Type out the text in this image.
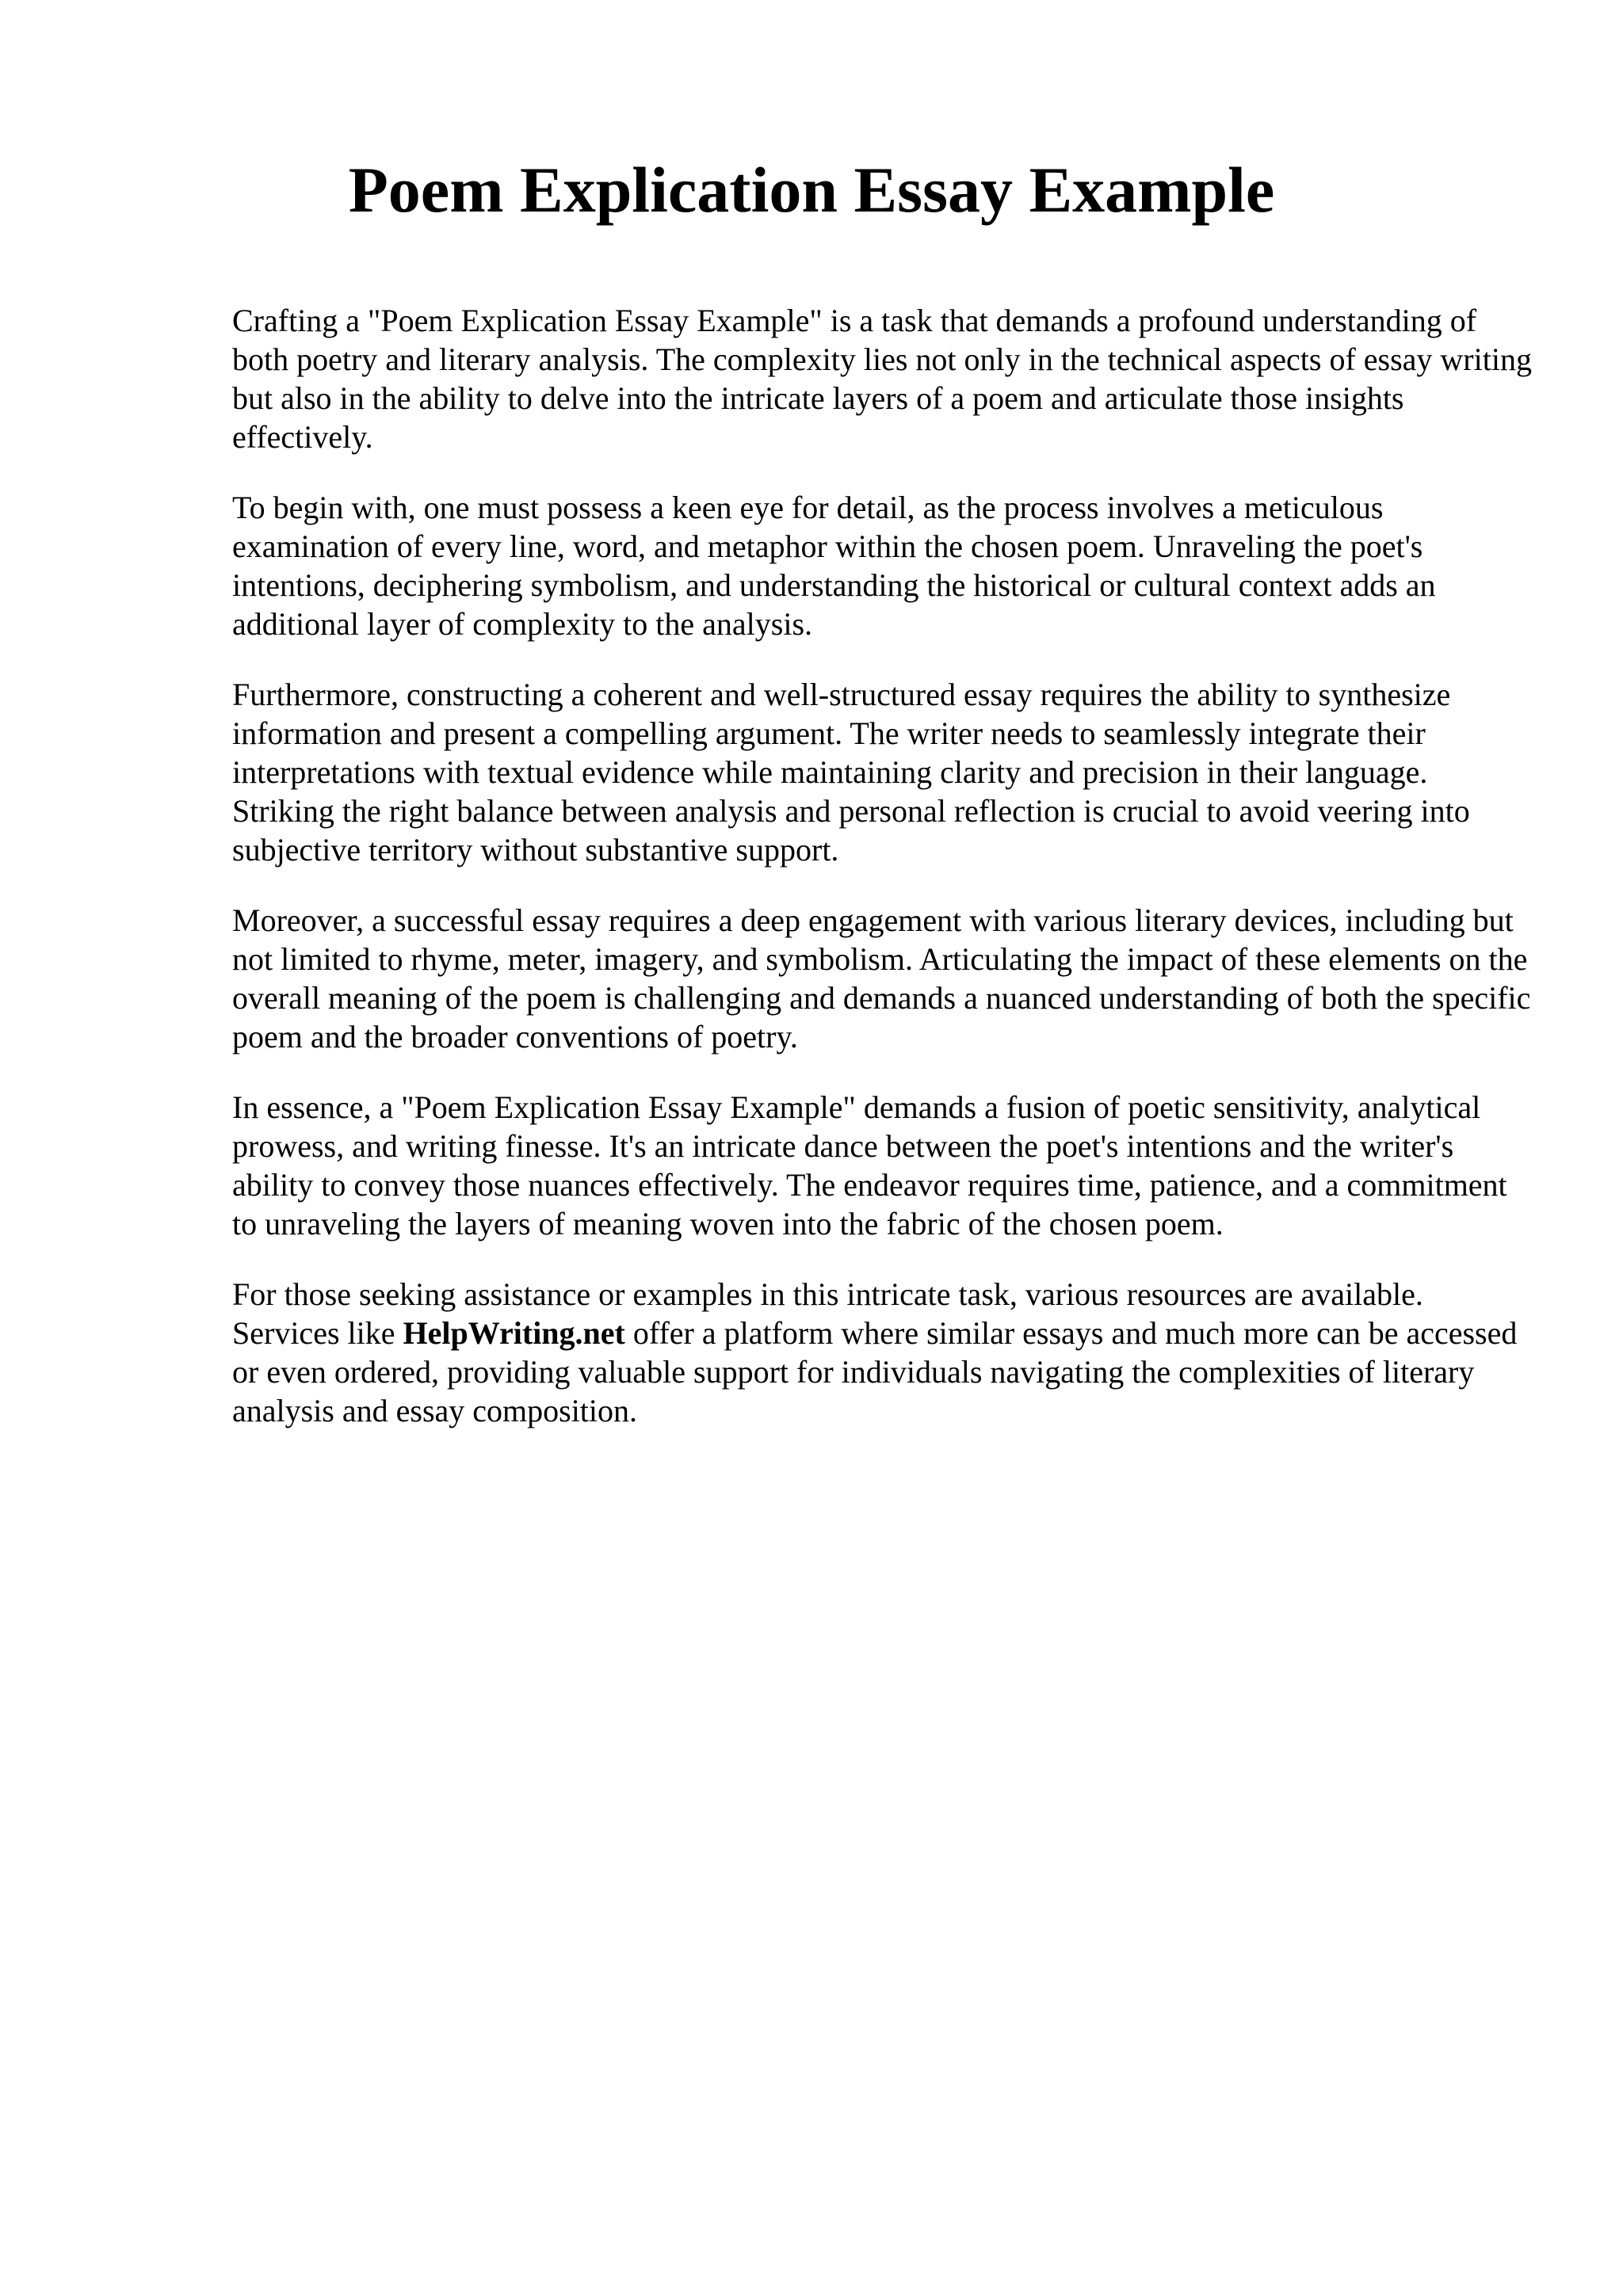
Poem Explication Essay Example

Crafting a "Poem Explication Essay Example" is a task that demands a profound understanding of both poetry and literary analysis. The complexity lies not only in the technical aspects of essay writing but also in the ability to delve into the intricate layers of a poem and articulate those insights effectively.

To begin with, one must possess a keen eye for detail, as the process involves a meticulous examination of every line, word, and metaphor within the chosen poem. Unraveling the poet's intentions, deciphering symbolism, and understanding the historical or cultural context adds an additional layer of complexity to the analysis.

Furthermore, constructing a coherent and well-structured essay requires the ability to synthesize information and present a compelling argument. The writer needs to seamlessly integrate their interpretations with textual evidence while maintaining clarity and precision in their language. Striking the right balance between analysis and personal reflection is crucial to avoid veering into subjective territory without substantive support.

Moreover, a successful essay requires a deep engagement with various literary devices, including but not limited to rhyme, meter, imagery, and symbolism. Articulating the impact of these elements on the overall meaning of the poem is challenging and demands a nuanced understanding of both the specific poem and the broader conventions of poetry.

In essence, a "Poem Explication Essay Example" demands a fusion of poetic sensitivity, analytical prowess, and writing finesse. It's an intricate dance between the poet's intentions and the writer's ability to convey those nuances effectively. The endeavor requires time, patience, and a commitment to unraveling the layers of meaning woven into the fabric of the chosen poem.

For those seeking assistance or examples in this intricate task, various resources are available. Services like HelpWriting.net offer a platform where similar essays and much more can be accessed or even ordered, providing valuable support for individuals navigating the complexities of literary analysis and essay composition.
